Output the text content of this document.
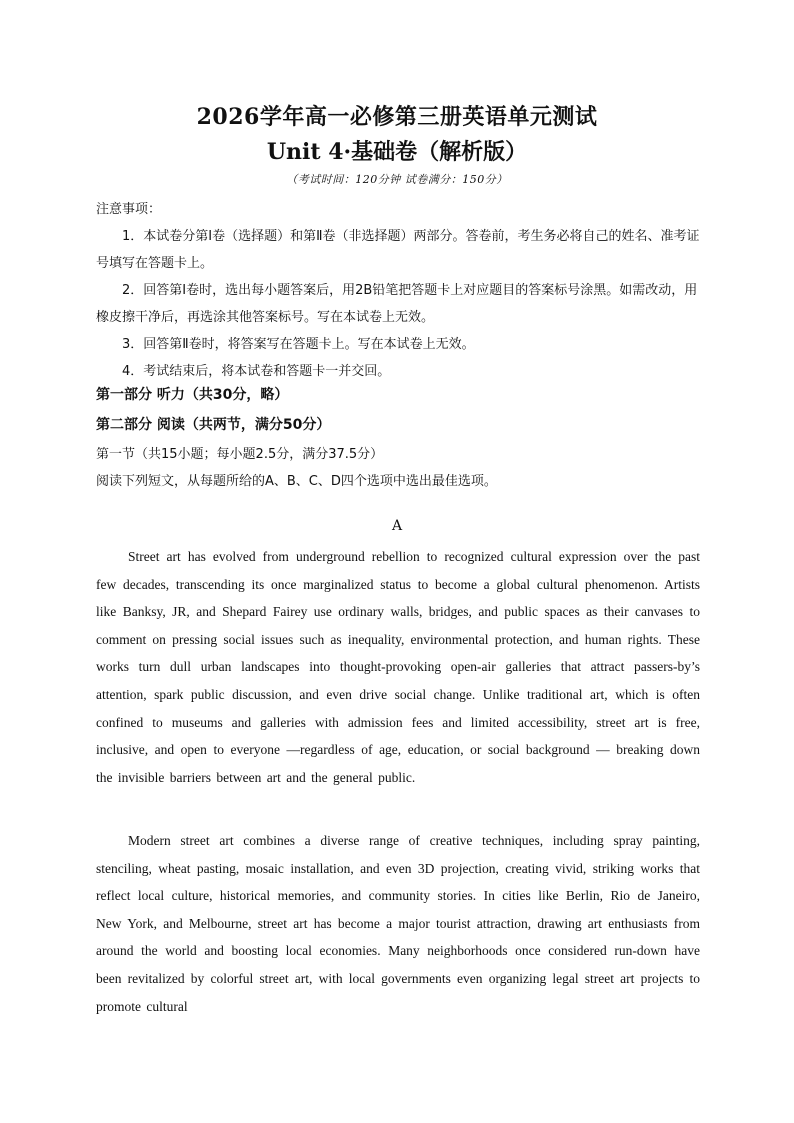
2026学年高一必修第三册英语单元测试
Unit 4·基础卷（解析版）
（考试时间：120分钟 试卷满分：150分）

注意事项：

1．本试卷分第Ⅰ卷（选择题）和第Ⅱ卷（非选择题）两部分。答卷前，考生务必将自己的姓名、准考证号填写在答题卡上。

2．回答第Ⅰ卷时，选出每小题答案后，用2B铅笔把答题卡上对应题目的答案标号涂黑。如需改动，用橡皮擦干净后，再选涂其他答案标号。写在本试卷上无效。

3．回答第Ⅱ卷时，将答案写在答题卡上。写在本试卷上无效。

4．考试结束后，将本试卷和答题卡一并交回。

第一部分 听力（共30分，略）

第二部分 阅读（共两节，满分50分）

第一节（共15小题；每小题2.5分，满分37.5分）

阅读下列短文，从每题所给的A、B、C、D四个选项中选出最佳选项。

A

Street art has evolved from underground rebellion to recognized cultural expression over the past few decades, transcending its once marginalized status to become a global cultural phenomenon. Artists like Banksy, JR, and Shepard Fairey use ordinary walls, bridges, and public spaces as their canvases to comment on pressing social issues such as inequality, environmental protection, and human rights. These works turn dull urban landscapes into thought-provoking open-air galleries that attract passers-by’s attention, spark public discussion, and even drive social change. Unlike traditional art, which is often confined to museums and galleries with admission fees and limited accessibility, street art is free, inclusive, and open to everyone —regardless of age, education, or social background — breaking down the invisible barriers between art and the general public.

Modern street art combines a diverse range of creative techniques, including spray painting, stenciling, wheat pasting, mosaic installation, and even 3D projection, creating vivid, striking works that reflect local culture, historical memories, and community stories. In cities like Berlin, Rio de Janeiro, New York, and Melbourne, street art has become a major tourist attraction, drawing art enthusiasts from around the world and boosting local economies. Many neighborhoods once considered run-down have been revitalized by colorful street art, with local governments even organizing legal street art projects to promote cultural
